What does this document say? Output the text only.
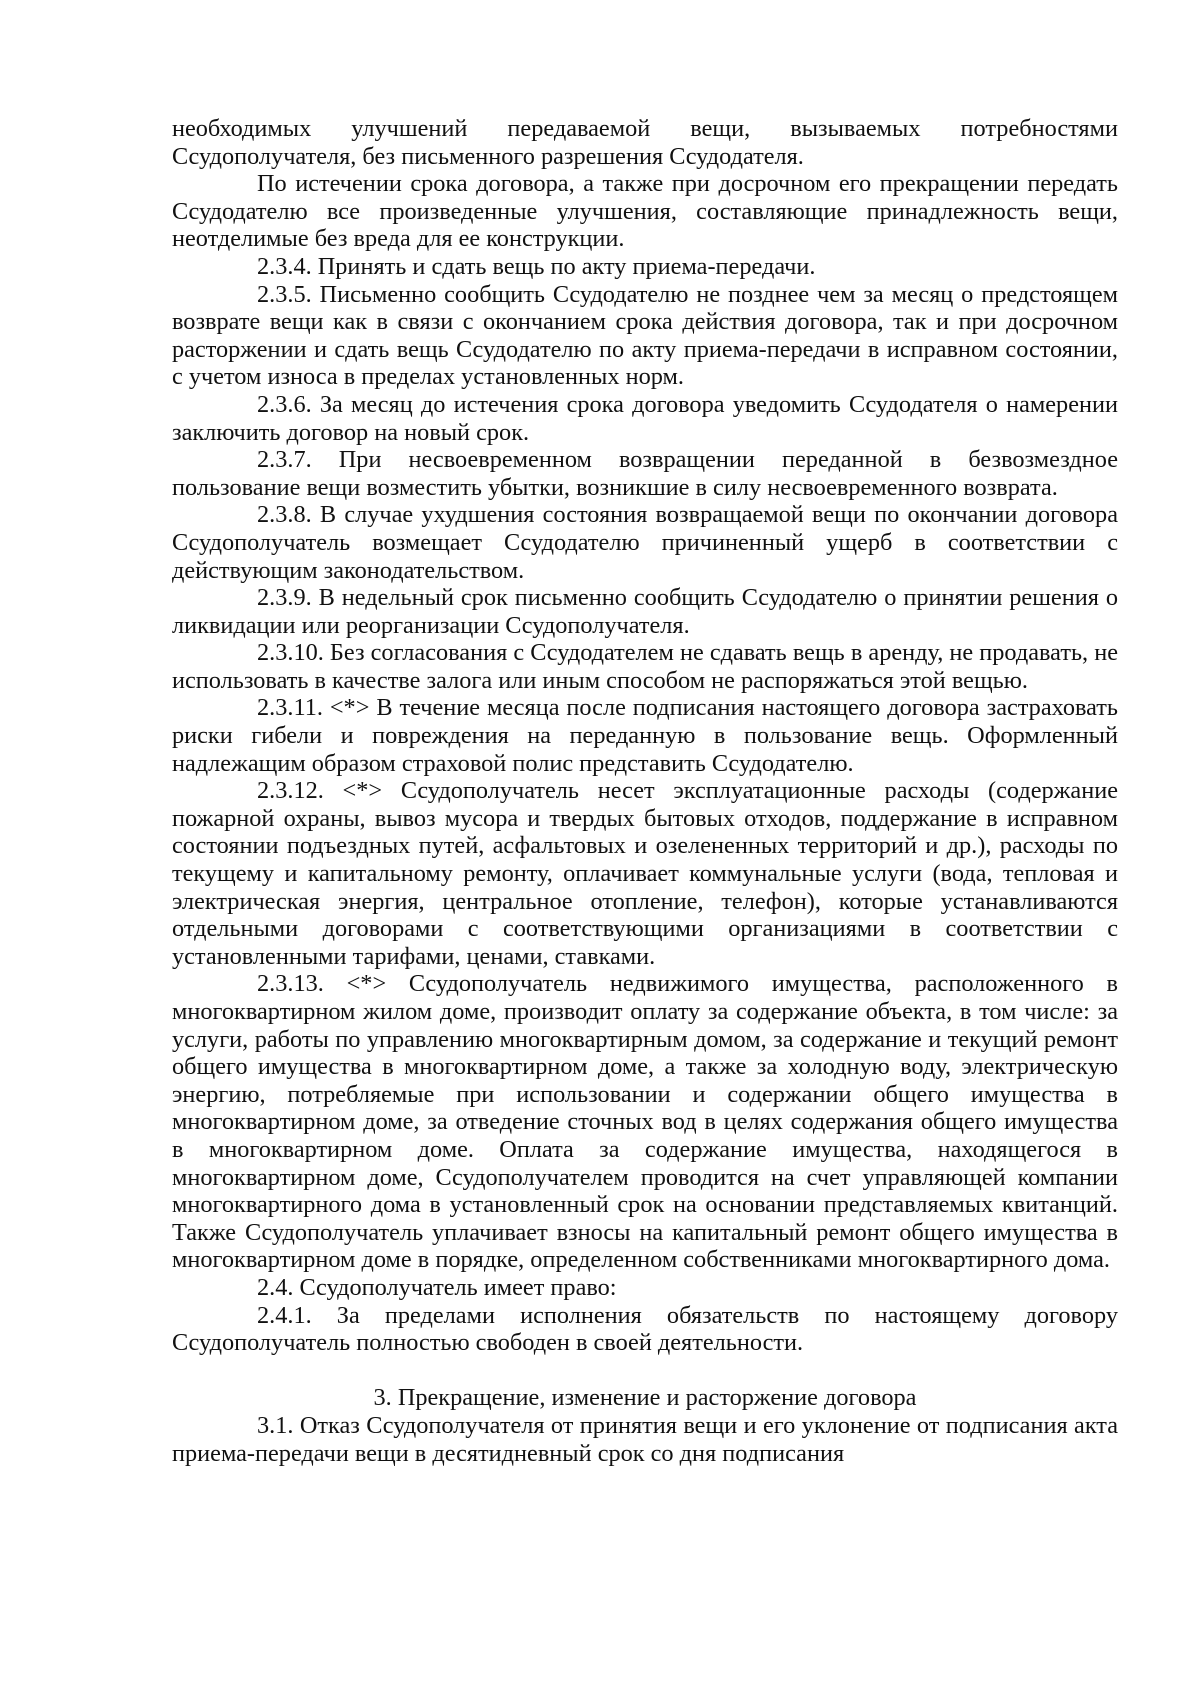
необходимых улучшений передаваемой вещи, вызываемых потребностями Ссудополучателя, без письменного разрешения Ссудодателя.

По истечении срока договора, а также при досрочном его прекращении передать Ссудодателю все произведенные улучшения, составляющие принадлежность вещи, неотделимые без вреда для ее конструкции.

2.3.4. Принять и сдать вещь по акту приема-передачи.

2.3.5. Письменно сообщить Ссудодателю не позднее чем за месяц о предстоящем возврате вещи как в связи с окончанием срока действия договора, так и при досрочном расторжении и сдать вещь Ссудодателю по акту приема-передачи в исправном состоянии, с учетом износа в пределах установленных норм.

2.3.6. За месяц до истечения срока договора уведомить Ссудодателя о намерении заключить договор на новый срок.

2.3.7. При несвоевременном возвращении переданной в безвозмездное пользование вещи возместить убытки, возникшие в силу несвоевременного возврата.

2.3.8. В случае ухудшения состояния возвращаемой вещи по окончании договора Ссудополучатель возмещает Ссудодателю причиненный ущерб в соответствии с действующим законодательством.

2.3.9. В недельный срок письменно сообщить Ссудодателю о принятии решения о ликвидации или реорганизации Ссудополучателя.

2.3.10. Без согласования с Ссудодателем не сдавать вещь в аренду, не продавать, не использовать в качестве залога или иным способом не распоряжаться этой вещью.

2.3.11. <*> В течение месяца после подписания настоящего договора застраховать риски гибели и повреждения на переданную в пользование вещь. Оформленный надлежащим образом страховой полис представить Ссудодателю.

2.3.12. <*> Ссудополучатель несет эксплуатационные расходы (содержание пожарной охраны, вывоз мусора и твердых бытовых отходов, поддержание в исправном состоянии подъездных путей, асфальтовых и озелененных территорий и др.), расходы по текущему и капитальному ремонту, оплачивает коммунальные услуги (вода, тепловая и электрическая энергия, центральное отопление, телефон), которые устанавливаются отдельными договорами с соответствующими организациями в соответствии с установленными тарифами, ценами, ставками.

2.3.13. <*> Ссудополучатель недвижимого имущества, расположенного в многоквартирном жилом доме, производит оплату за содержание объекта, в том числе: за услуги, работы по управлению многоквартирным домом, за содержание и текущий ремонт общего имущества в многоквартирном доме, а также за холодную воду, электрическую энергию, потребляемые при использовании и содержании общего имущества в многоквартирном доме, за отведение сточных вод в целях содержания общего имущества в многоквартирном доме. Оплата за содержание имущества, находящегося в многоквартирном доме, Ссудополучателем проводится на счет управляющей компании многоквартирного дома в установленный срок на основании представляемых квитанций. Также Ссудополучатель уплачивает взносы на капитальный ремонт общего имущества в многоквартирном доме в порядке, определенном собственниками многоквартирного дома.

2.4. Ссудополучатель имеет право:

2.4.1. За пределами исполнения обязательств по настоящему договору Ссудополучатель полностью свободен в своей деятельности.

3. Прекращение, изменение и расторжение договора

3.1. Отказ Ссудополучателя от принятия вещи и его уклонение от подписания акта приема-передачи вещи в десятидневный срок со дня подписания
